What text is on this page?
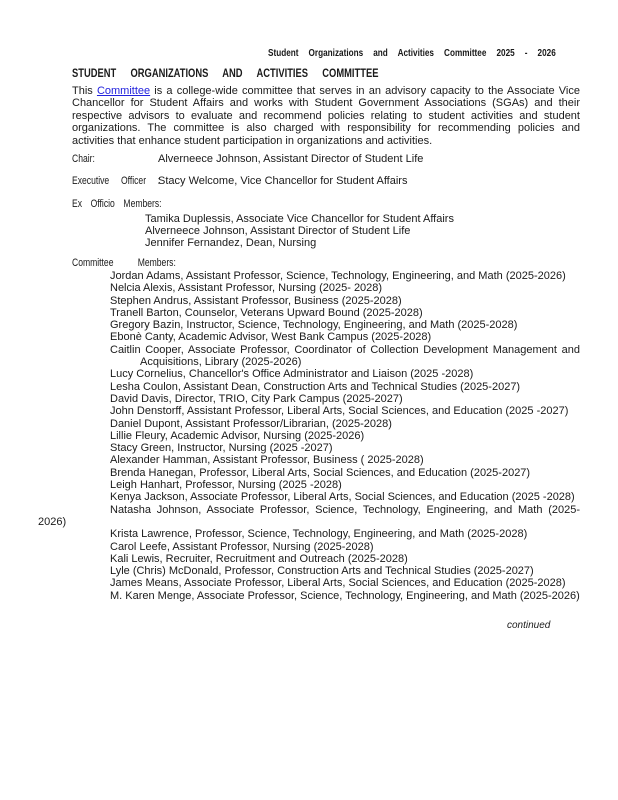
Student Organizations and Activities Committee 2025 - 2026
STUDENT ORGANIZATIONS AND ACTIVITIES COMMITTEE
This Committee is a college-wide committee that serves in an advisory capacity to the Associate Vice Chancellor for Student Affairs and works with Student Government Associations (SGAs) and their respective advisors to evaluate and recommend policies relating to student activities and student organizations. The committee is also charged with responsibility for recommending policies and activities that enhance student participation in organizations and activities.
Chair:	Alverneece Johnson, Assistant Director of Student Life
Executive Officer :Stacy Welcome, Vice Chancellor for Student Affairs
Ex Officio Members:
Tamika Duplessis, Associate Vice Chancellor for Student Affairs
Alverneece Johnson, Assistant Director of Student Life
Jennifer Fernandez, Dean, Nursing
Committee Members:
Jordan Adams, Assistant Professor, Science, Technology, Engineering, and Math (2025-2026)
Nelcia Alexis, Assistant Professor, Nursing (2025- 2028)
Stephen Andrus, Assistant Professor, Business (2025-2028)
Tranell Barton, Counselor, Veterans Upward Bound (2025-2028)
Gregory Bazin, Instructor, Science, Technology, Engineering, and Math (2025-2028)
Ebonè Canty, Academic Advisor, West Bank Campus (2025-2028)
Caitlin Cooper, Associate Professor, Coordinator of Collection Development Management and
Acquisitions, Library (2025-2026)
Lucy Cornelius, Chancellor's Office Administrator and Liaison (2025 -2028)
Lesha Coulon, Assistant Dean, Construction Arts and Technical Studies (2025-2027)
David Davis, Director, TRIO, City Park Campus (2025-2027)
John Denstorff, Assistant Professor, Liberal Arts, Social Sciences, and Education (2025 -2027)
Daniel Dupont, Assistant Professor/Librarian, (2025-2028)
Lillie Fleury, Academic Advisor, Nursing (2025-2026)
Stacy Green, Instructor, Nursing (2025 -2027)
Alexander Hamman, Assistant Professor, Business ( 2025-2028)
Brenda Hanegan, Professor, Liberal Arts, Social Sciences, and Education (2025-2027)
Leigh Hanhart, Professor, Nursing (2025 -2028)
Kenya Jackson, Associate Professor, Liberal Arts, Social Sciences, and Education (2025 -2028)
Natasha Johnson, Associate Professor, Science, Technology, Engineering, and Math (2025-
2026)
Krista Lawrence, Professor, Science, Technology, Engineering, and Math (2025-2028)
Carol Leefe, Assistant Professor, Nursing (2025-2028)
Kali Lewis, Recruiter, Recruitment and Outreach (2025-2028)
Lyle (Chris) McDonald, Professor, Construction Arts and Technical Studies (2025-2027)
James Means, Associate Professor, Liberal Arts, Social Sciences, and Education (2025-2028)
M. Karen Menge, Associate Professor, Science, Technology, Engineering, and Math (2025-2026)
continued
